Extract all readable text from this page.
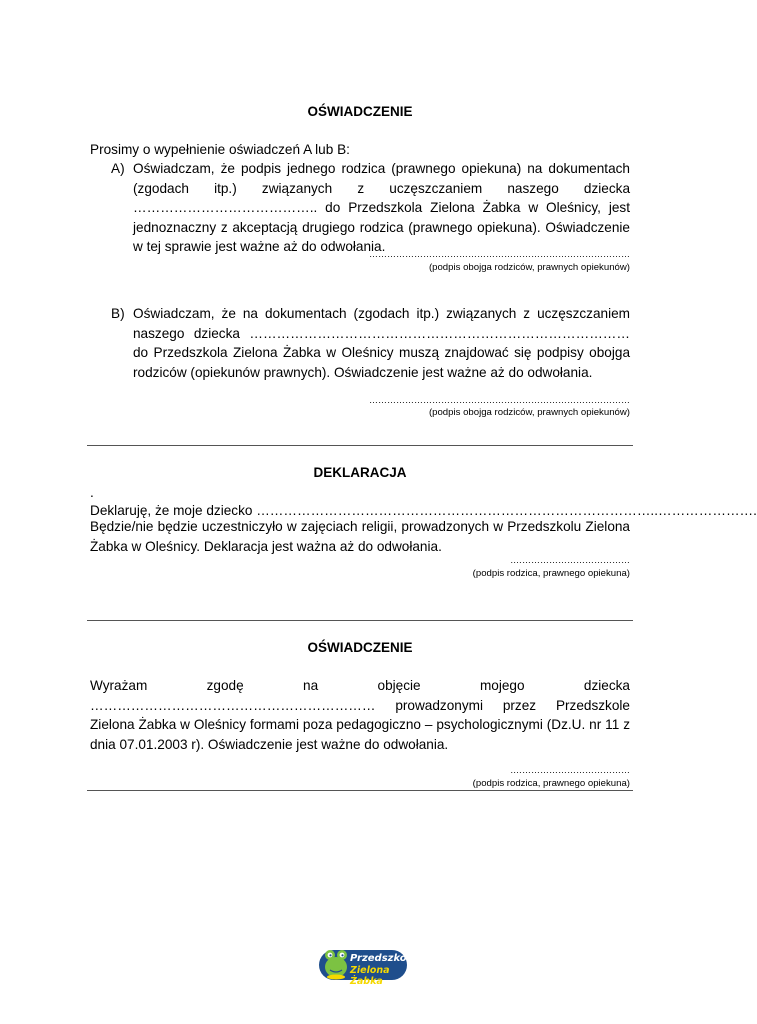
OŚWIADCZENIE
Prosimy o wypełnienie oświadczeń A lub B:
A) Oświadczam, że podpis jednego rodzica (prawnego opiekuna) na dokumentach (zgodach itp.) związanych z uczęszczaniem naszego dziecka ………………………………….. do Przedszkola Zielona Żabka w Oleśnicy, jest jednoznaczny z akceptacją drugiego rodzica (prawnego opiekuna). Oświadczenie w tej sprawie jest ważne aż do odwołania.
……………………………………………………………………………
(podpis obojga rodziców, prawnych opiekunów)
B) Oświadczam, że na dokumentach (zgodach itp.) związanych z uczęszczaniem naszego dziecka ………………………………………………………………………… do Przedszkola Zielona Żabka w Oleśnicy muszą znajdować się podpisy obojga rodziców (opiekunów prawnych). Oświadczenie jest ważne aż do odwołania.
……………………………………………………………………………
(podpis obojga rodziców, prawnych opiekunów)
DEKLARACJA
.
Deklaruję, że moje dziecko ……………………………………………………………………………..………………….
Będzie/nie będzie uczestniczyło w zajęciach religii, prowadzonych w Przedszkolu Zielona Żabka w Oleśnicy. Deklaracja jest ważna aż do odwołania.
………………………………….
(podpis rodzica, prawnego opiekuna)
OŚWIADCZENIE
Wyrażam zgodę na objęcie mojego dziecka ……………………………………………………… prowadzonymi przez Przedszkole Zielona Żabka w Oleśnicy formami poza pedagogiczno – psychologicznymi (Dz.U. nr 11 z dnia 07.01.2003 r). Oświadczenie jest ważne do odwołania.
………………………………….
(podpis rodzica, prawnego opiekuna)
Przedszkole
Zielona Żabka
